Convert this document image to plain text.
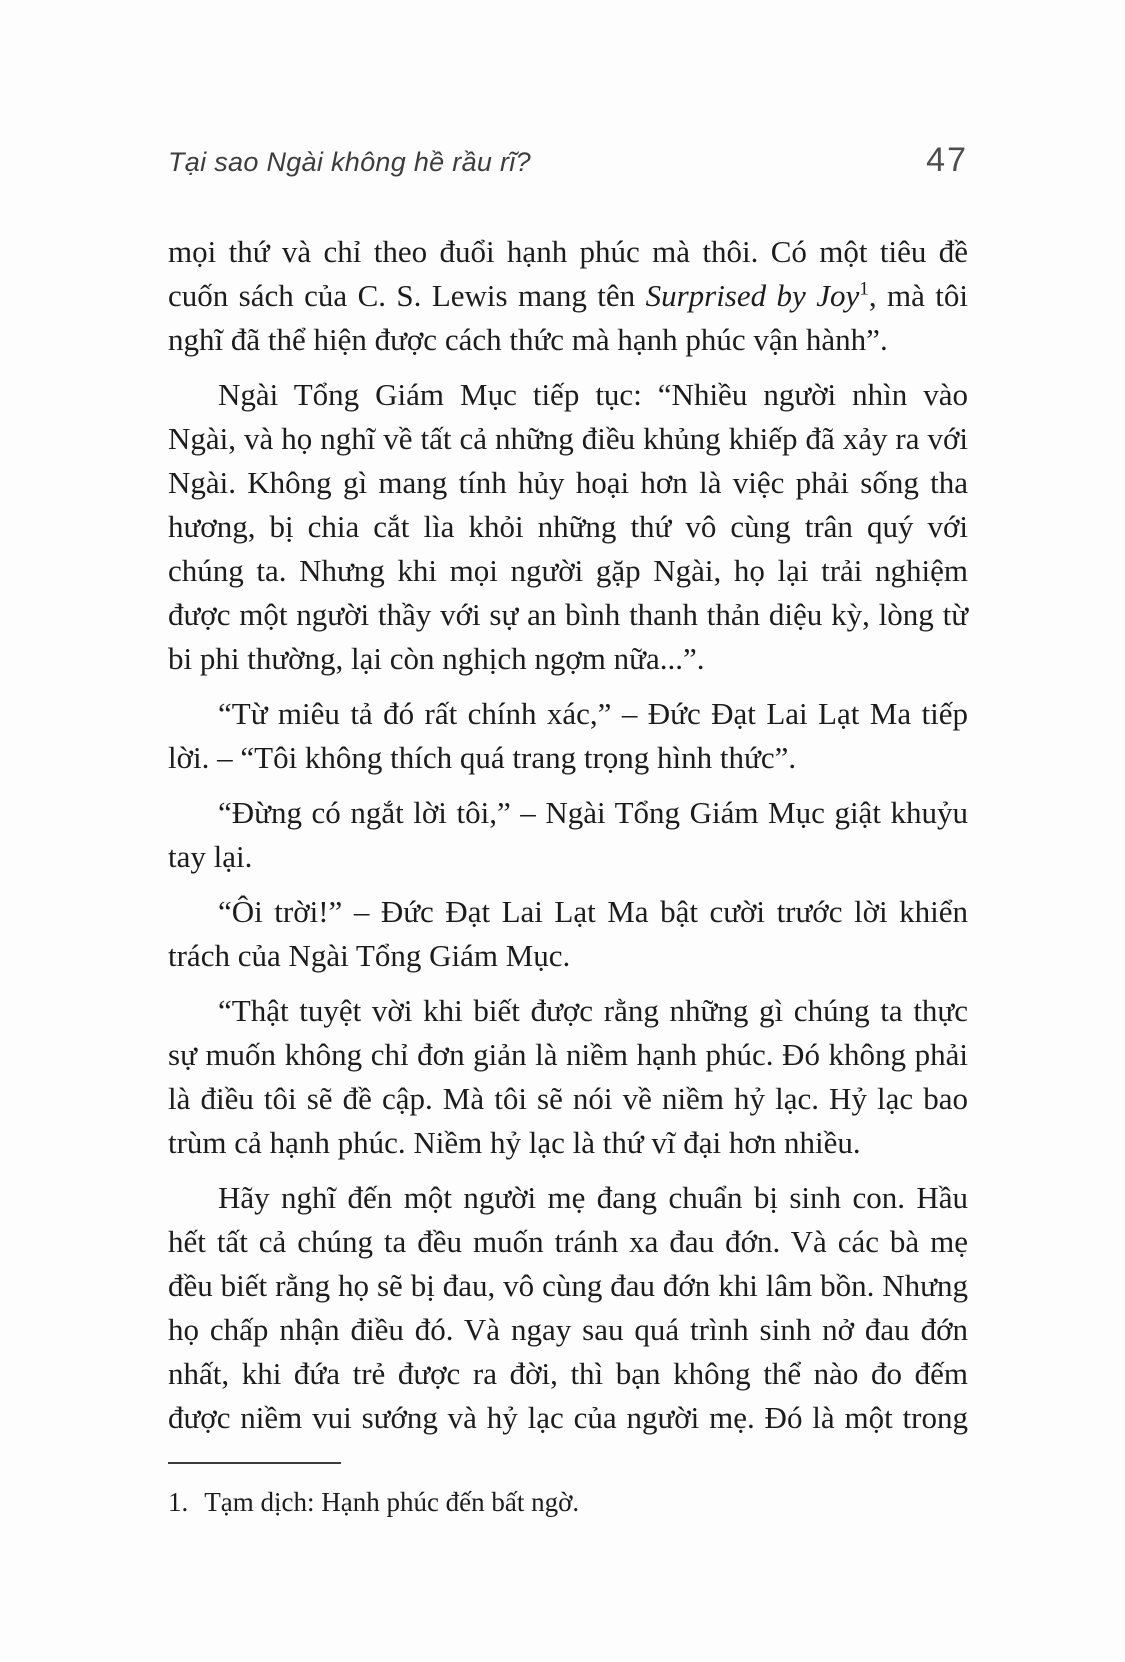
Tại sao Ngài không hề rầu rĩ?	47

mọi thứ và chỉ theo đuổi hạnh phúc mà thôi. Có một tiêu đề cuốn sách của C. S. Lewis mang tên Surprised by Joy$^1$, mà tôi nghĩ đã thể hiện được cách thức mà hạnh phúc vận hành”.

Ngài Tổng Giám Mục tiếp tục: “Nhiều người nhìn vào Ngài, và họ nghĩ về tất cả những điều khủng khiếp đã xảy ra với Ngài. Không gì mang tính hủy hoại hơn là việc phải sống tha hương, bị chia cắt lìa khỏi những thứ vô cùng trân quý với chúng ta. Nhưng khi mọi người gặp Ngài, họ lại trải nghiệm được một người thầy với sự an bình thanh thản diệu kỳ, lòng từ bi phi thường, lại còn nghịch ngợm nữa...”.

“Từ miêu tả đó rất chính xác,” – Đức Đạt Lai Lạt Ma tiếp lời. – “Tôi không thích quá trang trọng hình thức”.

“Đừng có ngắt lời tôi,” – Ngài Tổng Giám Mục giật khuỷu tay lại.

“Ôi trời!” – Đức Đạt Lai Lạt Ma bật cười trước lời khiển trách của Ngài Tổng Giám Mục.

“Thật tuyệt vời khi biết được rằng những gì chúng ta thực sự muốn không chỉ đơn giản là niềm hạnh phúc. Đó không phải là điều tôi sẽ đề cập. Mà tôi sẽ nói về niềm hỷ lạc. Hỷ lạc bao trùm cả hạnh phúc. Niềm hỷ lạc là thứ vĩ đại hơn nhiều.

Hãy nghĩ đến một người mẹ đang chuẩn bị sinh con. Hầu hết tất cả chúng ta đều muốn tránh xa đau đớn. Và các bà mẹ đều biết rằng họ sẽ bị đau, vô cùng đau đớn khi lâm bồn. Nhưng họ chấp nhận điều đó. Và ngay sau quá trình sinh nở đau đớn nhất, khi đứa trẻ được ra đời, thì bạn không thể nào đo đếm được niềm vui sướng và hỷ lạc của người mẹ. Đó là một trong

1. Tạm dịch: Hạnh phúc đến bất ngờ.
